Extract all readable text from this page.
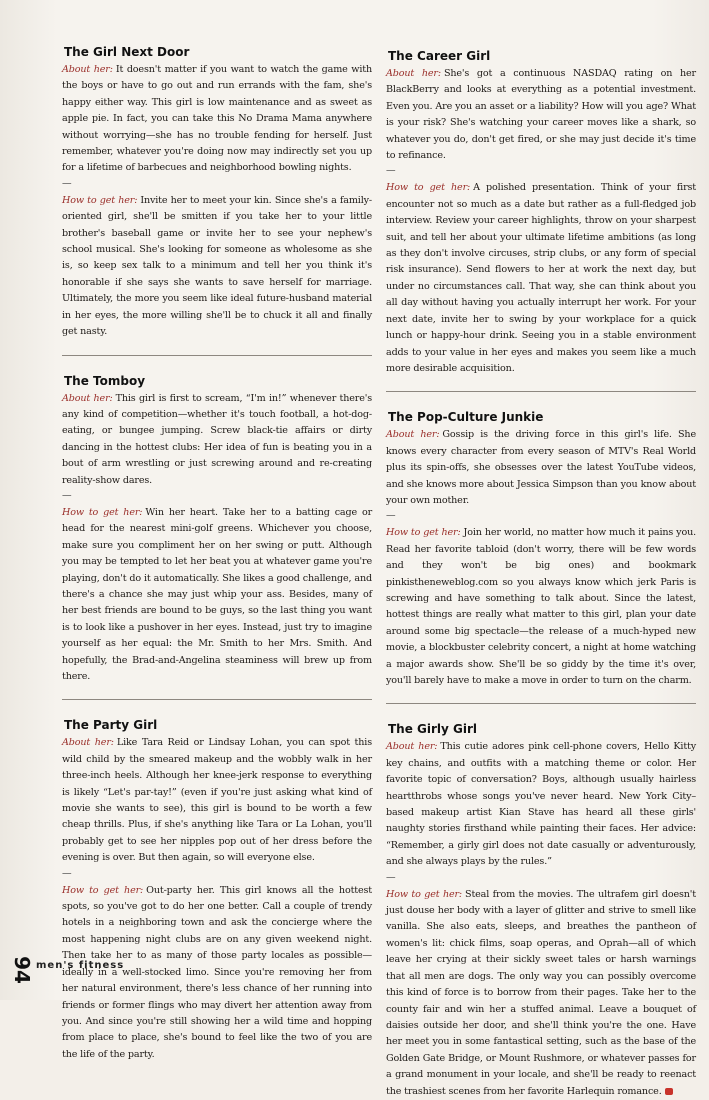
The Girl Next Door

About her: It doesn't matter if you want to watch the game with the boys or have to go out and run errands with the fam, she's happy either way. This girl is low maintenance and as sweet as apple pie. In fact, you can take this No Drama Mama anywhere without worrying—she has no trouble fending for herself. Just remember, whatever you're doing now may indirectly set you up for a lifetime of barbecues and neighborhood bowling nights.

—

How to get her: Invite her to meet your kin. Since she's a family-oriented girl, she'll be smitten if you take her to your little brother's baseball game or invite her to see your nephew's school musical. She's looking for someone as wholesome as she is, so keep sex talk to a minimum and tell her you think it's honorable if she says she wants to save herself for marriage. Ultimately, the more you seem like ideal future-husband material in her eyes, the more willing she'll be to chuck it all and finally get nasty.

The Tomboy

About her: This girl is first to scream, “I'm in!” whenever there's any kind of competition—whether it's touch football, a hot-dog-eating, or bungee jumping. Screw black-tie affairs or dirty dancing in the hottest clubs: Her idea of fun is beating you in a bout of arm wrestling or just screwing around and re-creating reality-show dares.

—

How to get her: Win her heart. Take her to a batting cage or head for the nearest mini-golf greens. Whichever you choose, make sure you compliment her on her swing or putt. Although you may be tempted to let her beat you at whatever game you're playing, don't do it automatically. She likes a good challenge, and there's a chance she may just whip your ass. Besides, many of her best friends are bound to be guys, so the last thing you want is to look like a pushover in her eyes. Instead, just try to imagine yourself as her equal: the Mr. Smith to her Mrs. Smith. And hopefully, the Brad-and-Angelina steaminess will brew up from there.

The Party Girl

About her: Like Tara Reid or Lindsay Lohan, you can spot this wild child by the smeared makeup and the wobbly walk in her three-inch heels. Although her knee-jerk response to everything is likely “Let's par-tay!” (even if you're just asking what kind of movie she wants to see), this girl is bound to be worth a few cheap thrills. Plus, if she's anything like Tara or La Lohan, you'll probably get to see her nipples pop out of her dress before the evening is over. But then again, so will everyone else.

—

How to get her: Out-party her. This girl knows all the hottest spots, so you've got to do her one better. Call a couple of trendy hotels in a neighboring town and ask the concierge where the most happening night clubs are on any given weekend night. Then take her to as many of those party locales as possible—ideally in a well-stocked limo. Since you're removing her from her natural environment, there's less chance of her running into friends or former flings who may divert her attention away from you. And since you're still showing her a wild time and hopping from place to place, she's bound to feel like the two of you are the life of the party.

The Career Girl

About her: She's got a continuous NASDAQ rating on her BlackBerry and looks at everything as a potential investment. Even you. Are you an asset or a liability? How will you age? What is your risk? She's watching your career moves like a shark, so whatever you do, don't get fired, or she may just decide it's time to refinance.

—

How to get her: A polished presentation. Think of your first encounter not so much as a date but rather as a full-fledged job interview. Review your career highlights, throw on your sharpest suit, and tell her about your ultimate lifetime ambitions (as long as they don't involve circuses, strip clubs, or any form of special risk insurance). Send flowers to her at work the next day, but under no circumstances call. That way, she can think about you all day without having you actually interrupt her work. For your next date, invite her to swing by your workplace for a quick lunch or happy-hour drink. Seeing you in a stable environment adds to your value in her eyes and makes you seem like a much more desirable acquisition.

The Pop-Culture Junkie

About her: Gossip is the driving force in this girl's life. She knows every character from every season of MTV's Real World plus its spin-offs, she obsesses over the latest YouTube videos, and she knows more about Jessica Simpson than you know about your own mother.

—

How to get her: Join her world, no matter how much it pains you. Read her favorite tabloid (don't worry, there will be few words and they won't be big ones) and bookmark pinkistheneweblog.com so you always know which jerk Paris is screwing and have something to talk about. Since the latest, hottest things are really what matter to this girl, plan your date around some big spectacle—the release of a much-hyped new movie, a blockbuster celebrity concert, a night at home watching a major awards show. She'll be so giddy by the time it's over, you'll barely have to make a move in order to turn on the charm.

The Girly Girl

About her: This cutie adores pink cell-phone covers, Hello Kitty key chains, and outfits with a matching theme or color. Her favorite topic of conversation? Boys, although usually hairless heartthrobs whose songs you've never heard. New York City–based makeup artist Kian Stave has heard all these girls' naughty stories firsthand while painting their faces. Her advice: “Remember, a girly girl does not date casually or adventurously, and she always plays by the rules.”

—

How to get her: Steal from the movies. The ultrafem girl doesn't just douse her body with a layer of glitter and strive to smell like vanilla. She also eats, sleeps, and breathes the pantheon of women's lit: chick films, soap operas, and Oprah—all of which leave her crying at their sickly sweet tales or harsh warnings that all men are dogs. The only way you can possibly overcome this kind of force is to borrow from their pages. Take her to the county fair and win her a stuffed animal. Leave a bouquet of daisies outside her door, and she'll think you're the one. Have her meet you in some fantastical setting, such as the base of the Golden Gate Bridge, or Mount Rushmore, or whatever passes for a grand monument in your locale, and she'll be ready to reenact the trashiest scenes from her favorite Harlequin romance.

94 men's fitness
